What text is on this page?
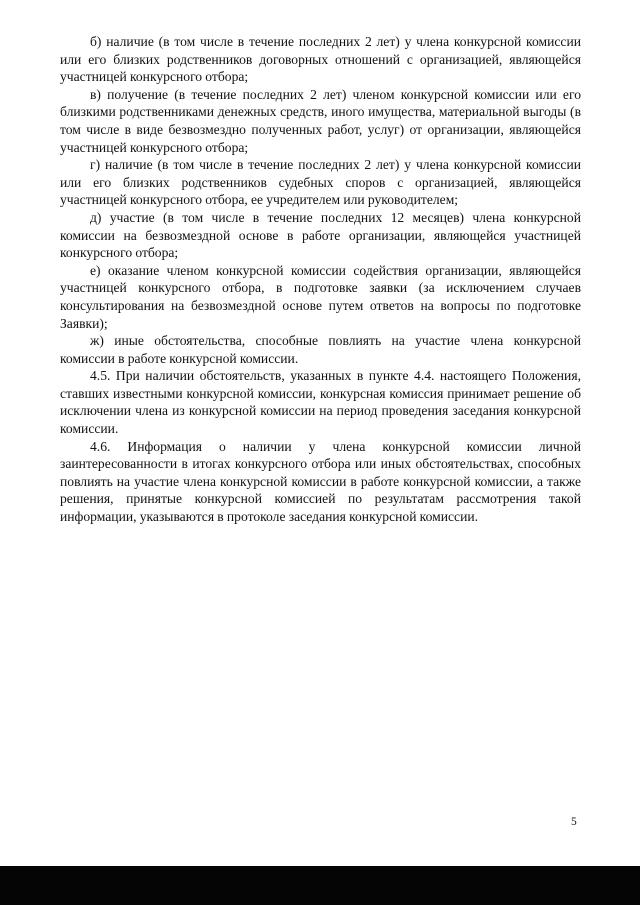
б) наличие (в том числе в течение последних 2 лет) у члена конкурсной комиссии или его близких родственников договорных отношений с организацией, являющейся участницей конкурсного отбора;

в) получение (в течение последних 2 лет) членом конкурсной комиссии или его близкими родственниками денежных средств, иного имущества, материальной выгоды (в том числе в виде безвозмездно полученных работ, услуг) от организации, являющейся участницей конкурсного отбора;

г) наличие (в том числе в течение последних 2 лет) у члена конкурсной комиссии или его близких родственников судебных споров с организацией, являющейся участницей конкурсного отбора, ее учредителем или руководителем;

д) участие (в том числе в течение последних 12 месяцев) члена конкурсной комиссии на безвозмездной основе в работе организации, являющейся участницей конкурсного отбора;

е) оказание членом конкурсной комиссии содействия организации, являющейся участницей конкурсного отбора, в подготовке заявки (за исключением случаев консультирования на безвозмездной основе путем ответов на вопросы по подготовке Заявки);

ж) иные обстоятельства, способные повлиять на участие члена конкурсной комиссии в работе конкурсной комиссии.

4.5. При наличии обстоятельств, указанных в пункте 4.4. настоящего Положения, ставших известными конкурсной комиссии, конкурсная комиссия принимает решение об исключении члена из конкурсной комиссии на период проведения заседания конкурсной комиссии.

4.6. Информация о наличии у члена конкурсной комиссии личной заинтересованности в итогах конкурсного отбора или иных обстоятельствах, способных повлиять на участие члена конкурсной комиссии в работе конкурсной комиссии, а также решения, принятые конкурсной комиссией по результатам рассмотрения такой информации, указываются в протоколе заседания конкурсной комиссии.

5
